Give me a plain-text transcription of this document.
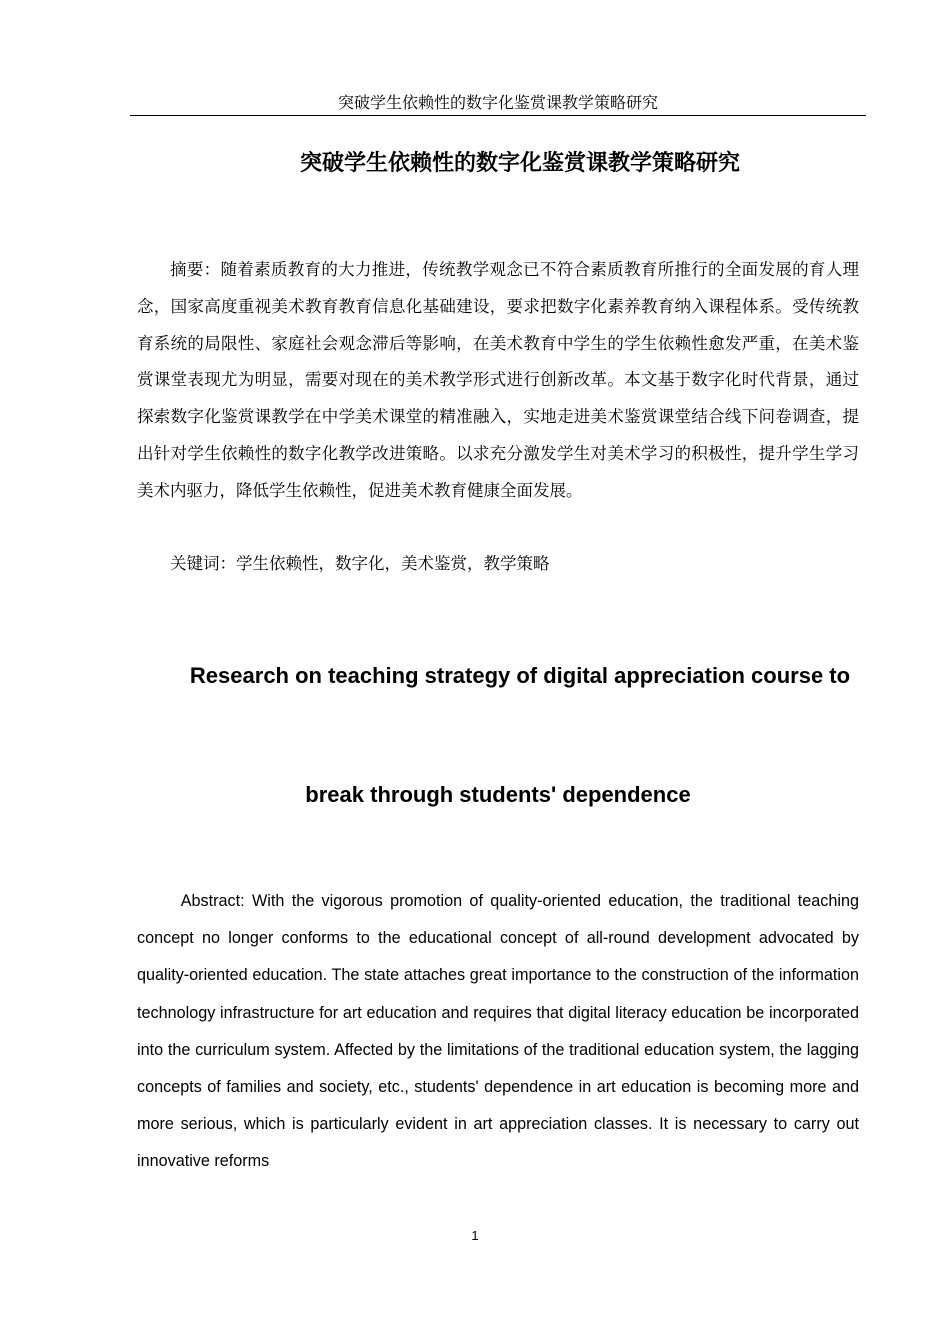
突破学生依赖性的数字化鉴赏课教学策略研究
突破学生依赖性的数字化鉴赏课教学策略研究

摘要：随着素质教育的大力推进，传统教学观念已不符合素质教育所推行的全面发展的育人理念，国家高度重视美术教育教育信息化基础建设，要求把数字化素养教育纳入课程体系。受传统教育系统的局限性、家庭社会观念滞后等影响，在美术教育中学生的学生依赖性愈发严重，在美术鉴赏课堂表现尤为明显，需要对现在的美术教学形式进行创新改革。本文基于数字化时代背景，通过探索数字化鉴赏课教学在中学美术课堂的精准融入，实地走进美术鉴赏课堂结合线下问卷调查，提出针对学生依赖性的数字化教学改进策略。以求充分激发学生对美术学习的积极性，提升学生学习美术内驱力，降低学生依赖性，促进美术教育健康全面发展。

关键词：学生依赖性，数字化，美术鉴赏，教学策略

Research on teaching strategy of digital appreciation course to
break through students' dependence

Abstract: With the vigorous promotion of quality-oriented education, the traditional teaching concept no longer conforms to the educational concept of all-round development advocated by quality-oriented education. The state attaches great importance to the construction of the information technology infrastructure for art education and requires that digital literacy education be incorporated into the curriculum system. Affected by the limitations of the traditional education system, the lagging concepts of families and society, etc., students' dependence in art education is becoming more and more serious, which is particularly evident in art appreciation classes. It is necessary to carry out innovative reforms

1
